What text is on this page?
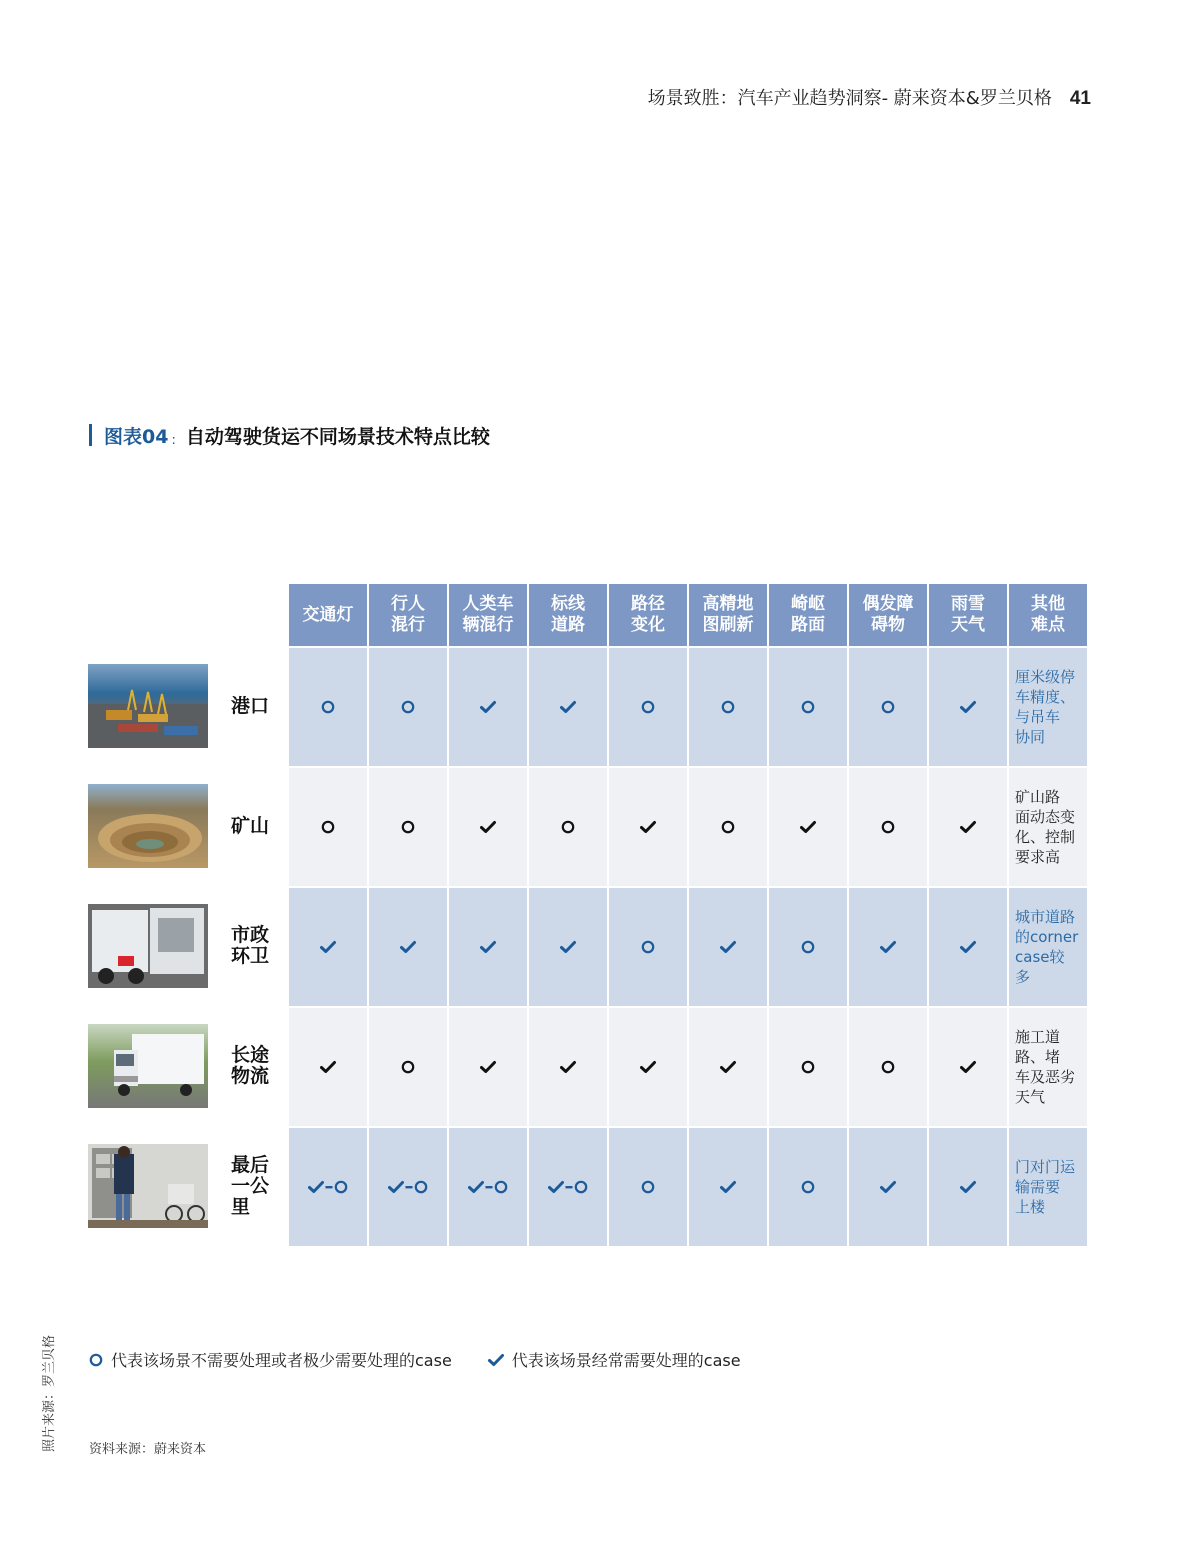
场景致胜：汽车产业趋势洞察- 蔚来资本&罗兰贝格 41
图表04 : 自动驾驶货运不同场景技术特点比较
交通灯
行人
混行
人类车
辆混行
标线
道路
路径
变化
高精地
图刷新
崎岖
路面
偶发障
碍物
雨雪
天气
其他
难点
港口
厘米级停
车精度、
与吊车
协同
矿山
矿山路
面动态变
化、控制
要求高
市政
环卫
城市道路
的corner
case较
多
长途
物流
施工道
路、堵
车及恶劣
天气
最后
一公
里
门对门运
输需要
上楼
代表该场景不需要处理或者极少需要处理的case	代表该场景经常需要处理的case
资料来源：蔚来资本
照片来源：罗兰贝格
